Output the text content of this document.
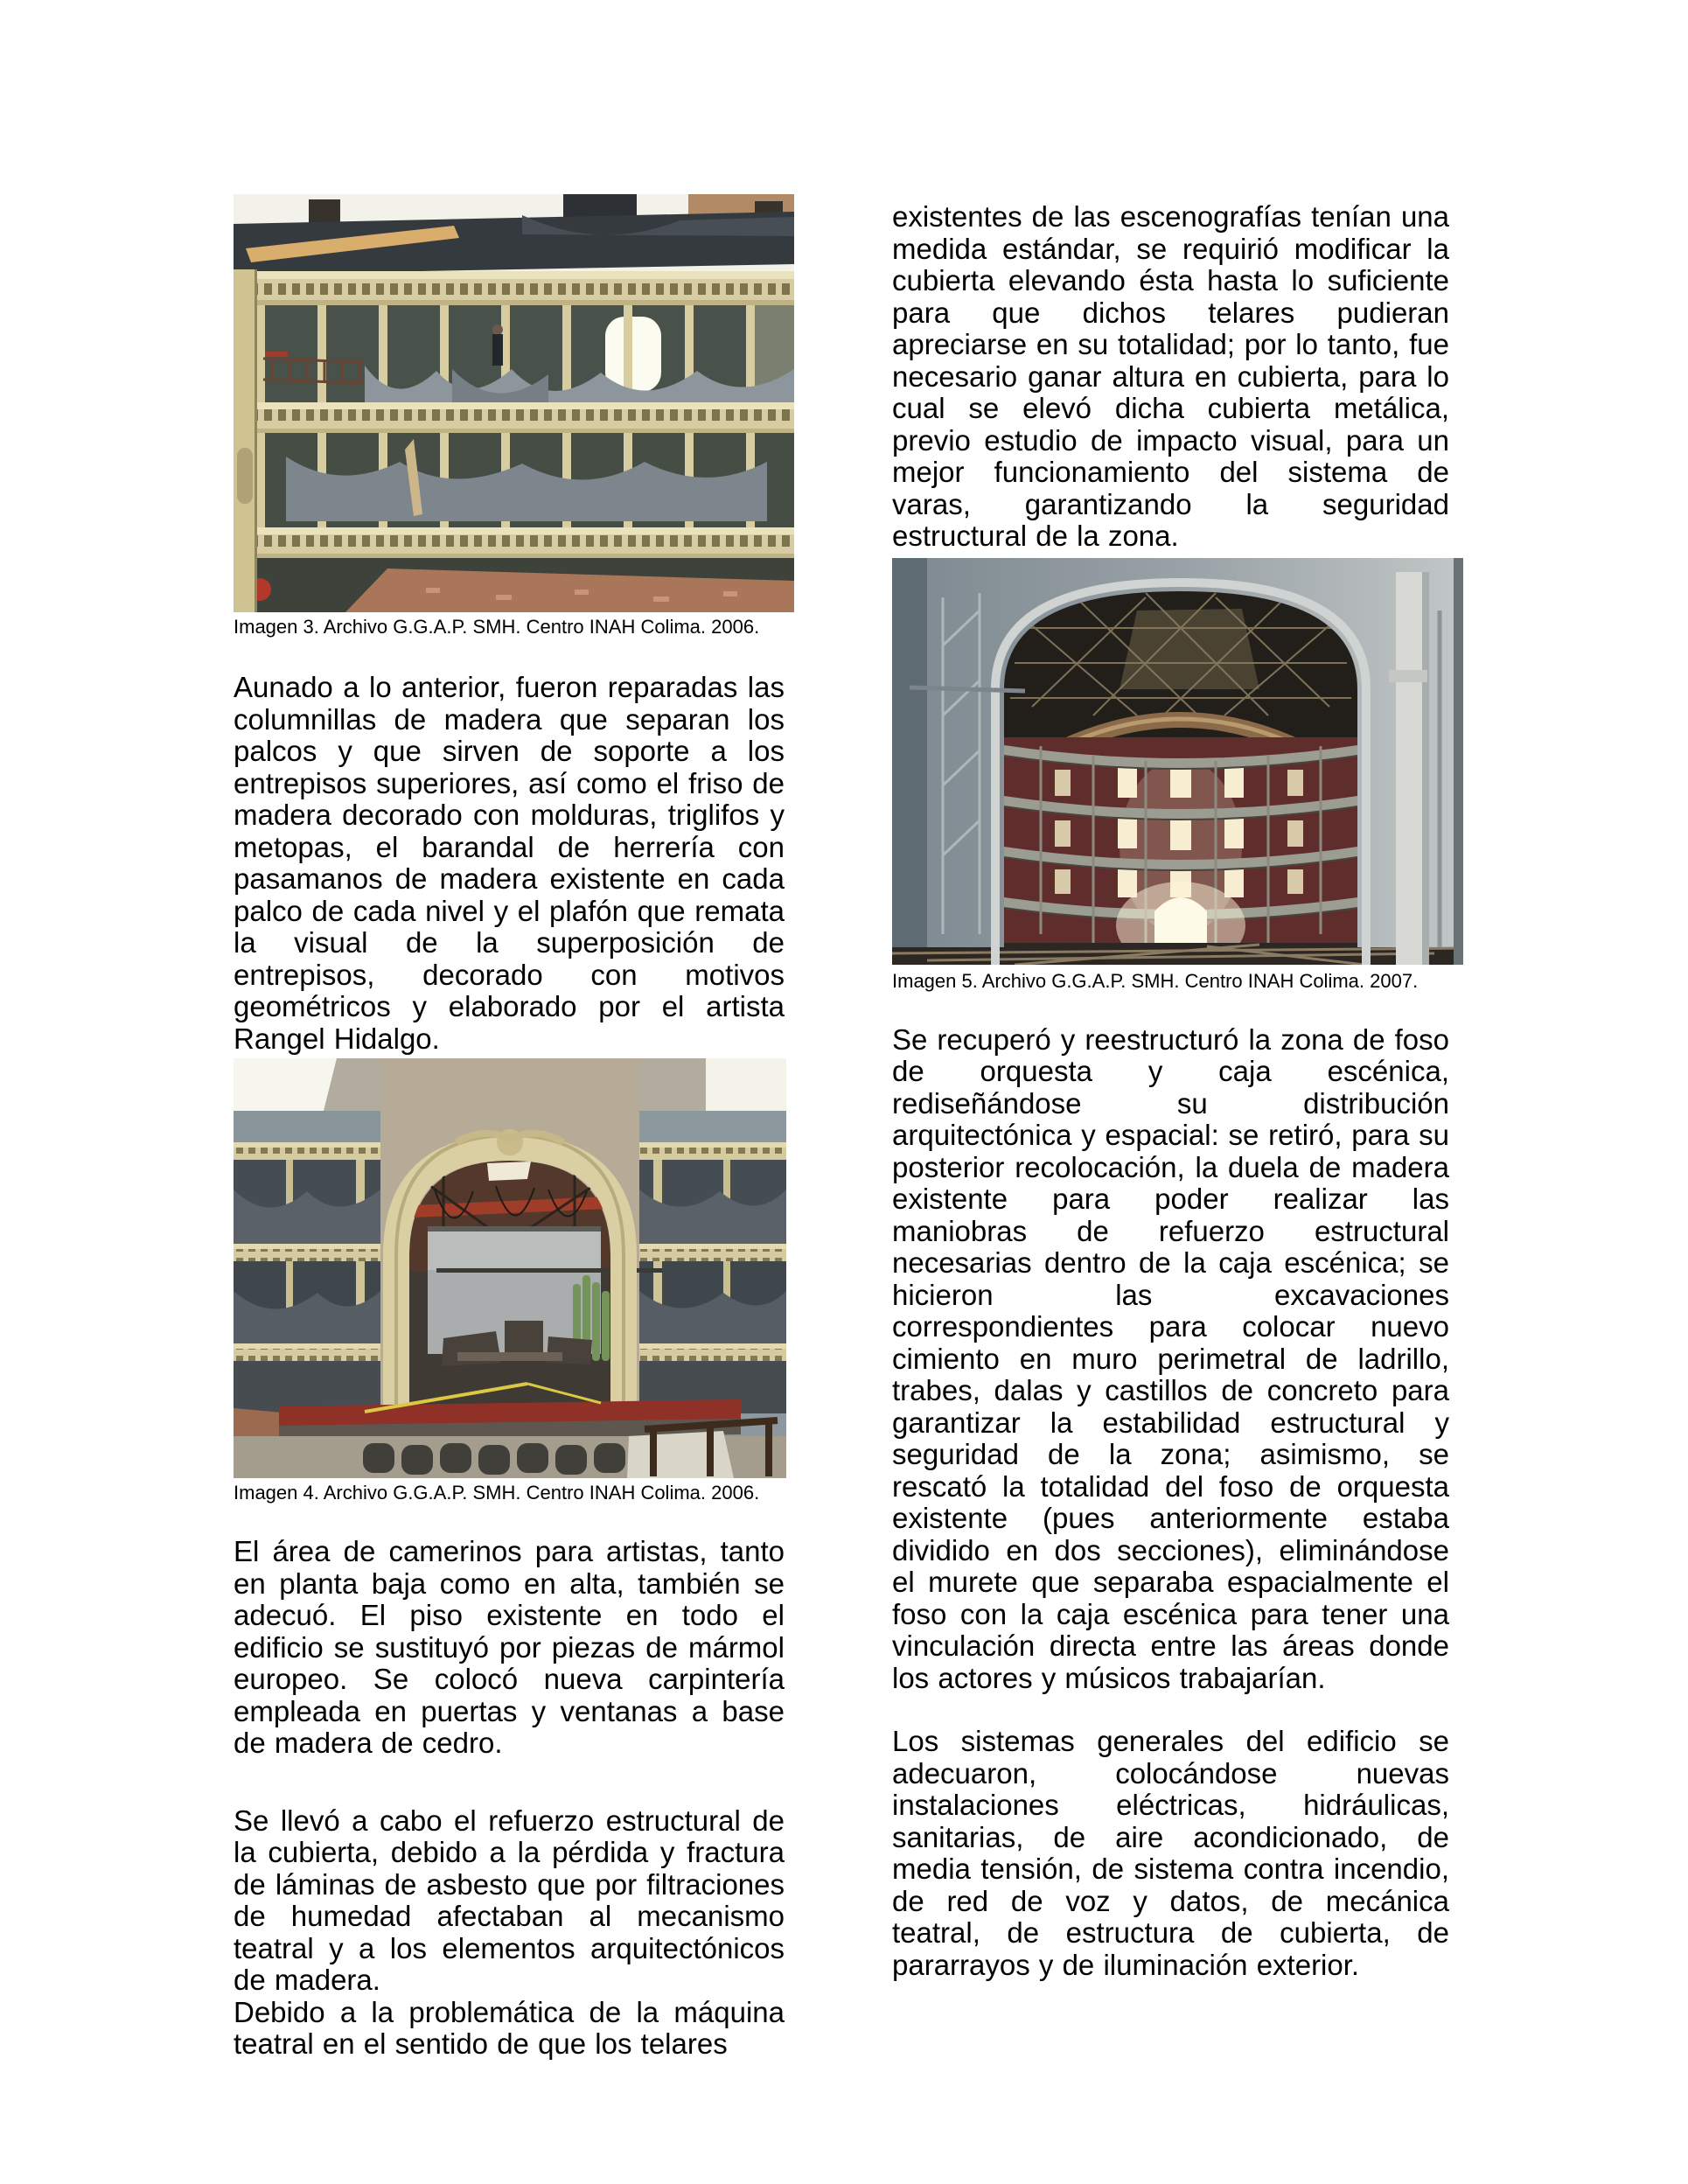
Imagen 3. Archivo G.G.A.P. SMH. Centro INAH Colima. 2006.

Aunado a lo anterior, fueron reparadas las columnillas de madera que separan los palcos y que sirven de soporte a los entrepisos superiores, así como el friso de madera decorado con molduras, triglifos y metopas, el barandal de herrería con pasamanos de madera existente en cada palco de cada nivel y el plafón que remata la visual de la superposición de entrepisos, decorado con motivos geométricos y elaborado por el artista Rangel Hidalgo.

Imagen 4. Archivo G.G.A.P. SMH. Centro INAH Colima. 2006.

El área de camerinos para artistas, tanto en planta baja como en alta, también se adecuó. El piso existente en todo el edificio se sustituyó por piezas de mármol europeo. Se colocó nueva carpintería empleada en puertas y ventanas a base de madera de cedro.

Se llevó a cabo el refuerzo estructural de la cubierta, debido a la pérdida y fractura de láminas de asbesto que por filtraciones de humedad afectaban al mecanismo teatral y a los elementos arquitectónicos de madera.

Debido a la problemática de la máquina teatral en el sentido de que los telares

existentes de las escenografías tenían una medida estándar, se requirió modificar la cubierta elevando ésta hasta lo suficiente para que dichos telares pudieran apreciarse en su totalidad; por lo tanto, fue necesario ganar altura en cubierta, para lo cual se elevó dicha cubierta metálica, previo estudio de impacto visual, para un mejor funcionamiento del sistema de varas, garantizando la seguridad estructural de la zona.

Imagen 5. Archivo G.G.A.P. SMH. Centro INAH Colima. 2007.

Se recuperó y reestructuró la zona de foso de orquesta y caja escénica, rediseñándose su distribución arquitectónica y espacial: se retiró, para su posterior recolocación, la duela de madera existente para poder realizar las maniobras de refuerzo estructural necesarias dentro de la caja escénica; se hicieron las excavaciones correspondientes para colocar nuevo cimiento en muro perimetral de ladrillo, trabes, dalas y castillos de concreto para garantizar la estabilidad estructural y seguridad de la zona; asimismo, se rescató la totalidad del foso de orquesta existente (pues anteriormente estaba dividido en dos secciones), eliminándose el murete que separaba espacialmente el foso con la caja escénica para tener una vinculación directa entre las áreas donde los actores y músicos trabajarían.

Los sistemas generales del edificio se adecuaron, colocándose nuevas instalaciones eléctricas, hidráulicas, sanitarias, de aire acondicionado, de media tensión, de sistema contra incendio, de red de voz y datos, de mecánica teatral, de estructura de cubierta, de pararrayos y de iluminación exterior.
